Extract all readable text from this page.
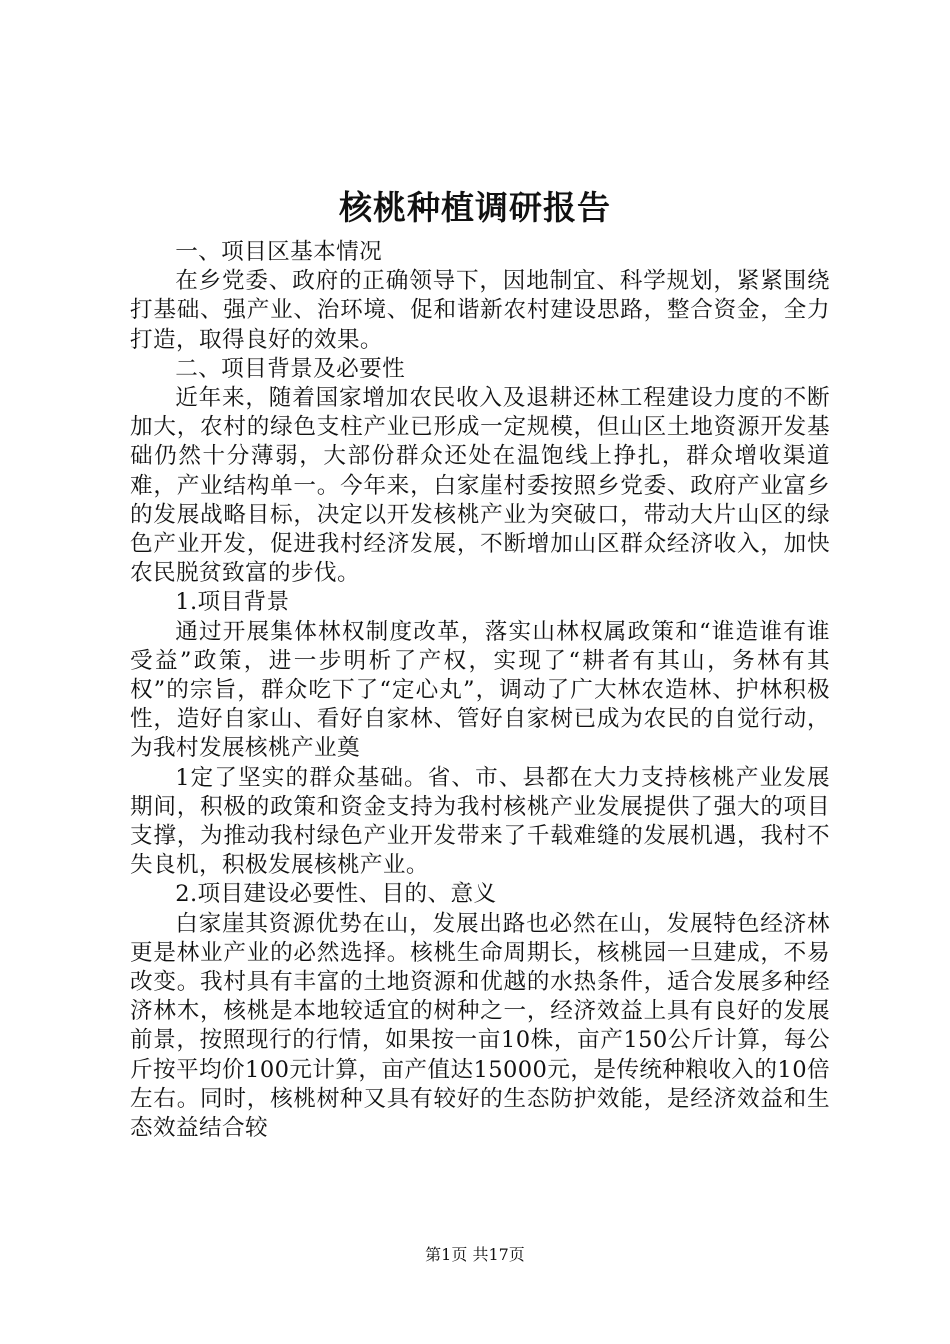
核桃种植调研报告

一、项目区基本情况

在乡党委、政府的正确领导下，因地制宜、科学规划，紧紧围绕打基础、强产业、治环境、促和谐新农村建设思路，整合资金，全力打造，取得良好的效果。

二、项目背景及必要性

近年来，随着国家增加农民收入及退耕还林工程建设力度的不断加大，农村的绿色支柱产业已形成一定规模，但山区土地资源开发基础仍然十分薄弱，大部份群众还处在温饱线上挣扎，群众增收渠道难，产业结构单一。今年来，白家崖村委按照乡党委、政府产业富乡的发展战略目标，决定以开发核桃产业为突破口，带动大片山区的绿色产业开发，促进我村经济发展，不断增加山区群众经济收入，加快农民脱贫致富的步伐。

1.项目背景

通过开展集体林权制度改革，落实山林权属政策和“谁造谁有谁受益”政策，进一步明析了产权，实现了“耕者有其山，务林有其权”的宗旨，群众吃下了“定心丸”，调动了广大林农造林、护林积极性，造好自家山、看好自家林、管好自家树已成为农民的自觉行动，为我村发展核桃产业奠

1定了坚实的群众基础。省、市、县都在大力支持核桃产业发展期间，积极的政策和资金支持为我村核桃产业发展提供了强大的项目支撑，为推动我村绿色产业开发带来了千载难缝的发展机遇，我村不失良机，积极发展核桃产业。

2.项目建设必要性、目的、意义

白家崖其资源优势在山，发展出路也必然在山，发展特色经济林更是林业产业的必然选择。核桃生命周期长，核桃园一旦建成，不易改变。我村具有丰富的土地资源和优越的水热条件，适合发展多种经济林木，核桃是本地较适宜的树种之一，经济效益上具有良好的发展前景，按照现行的行情，如果按一亩10株，亩产150公斤计算，每公斤按平均价100元计算，亩产值达15000元，是传统种粮收入的10倍左右。同时，核桃树种又具有较好的生态防护效能，是经济效益和生态效益结合较

第1页 共17页
